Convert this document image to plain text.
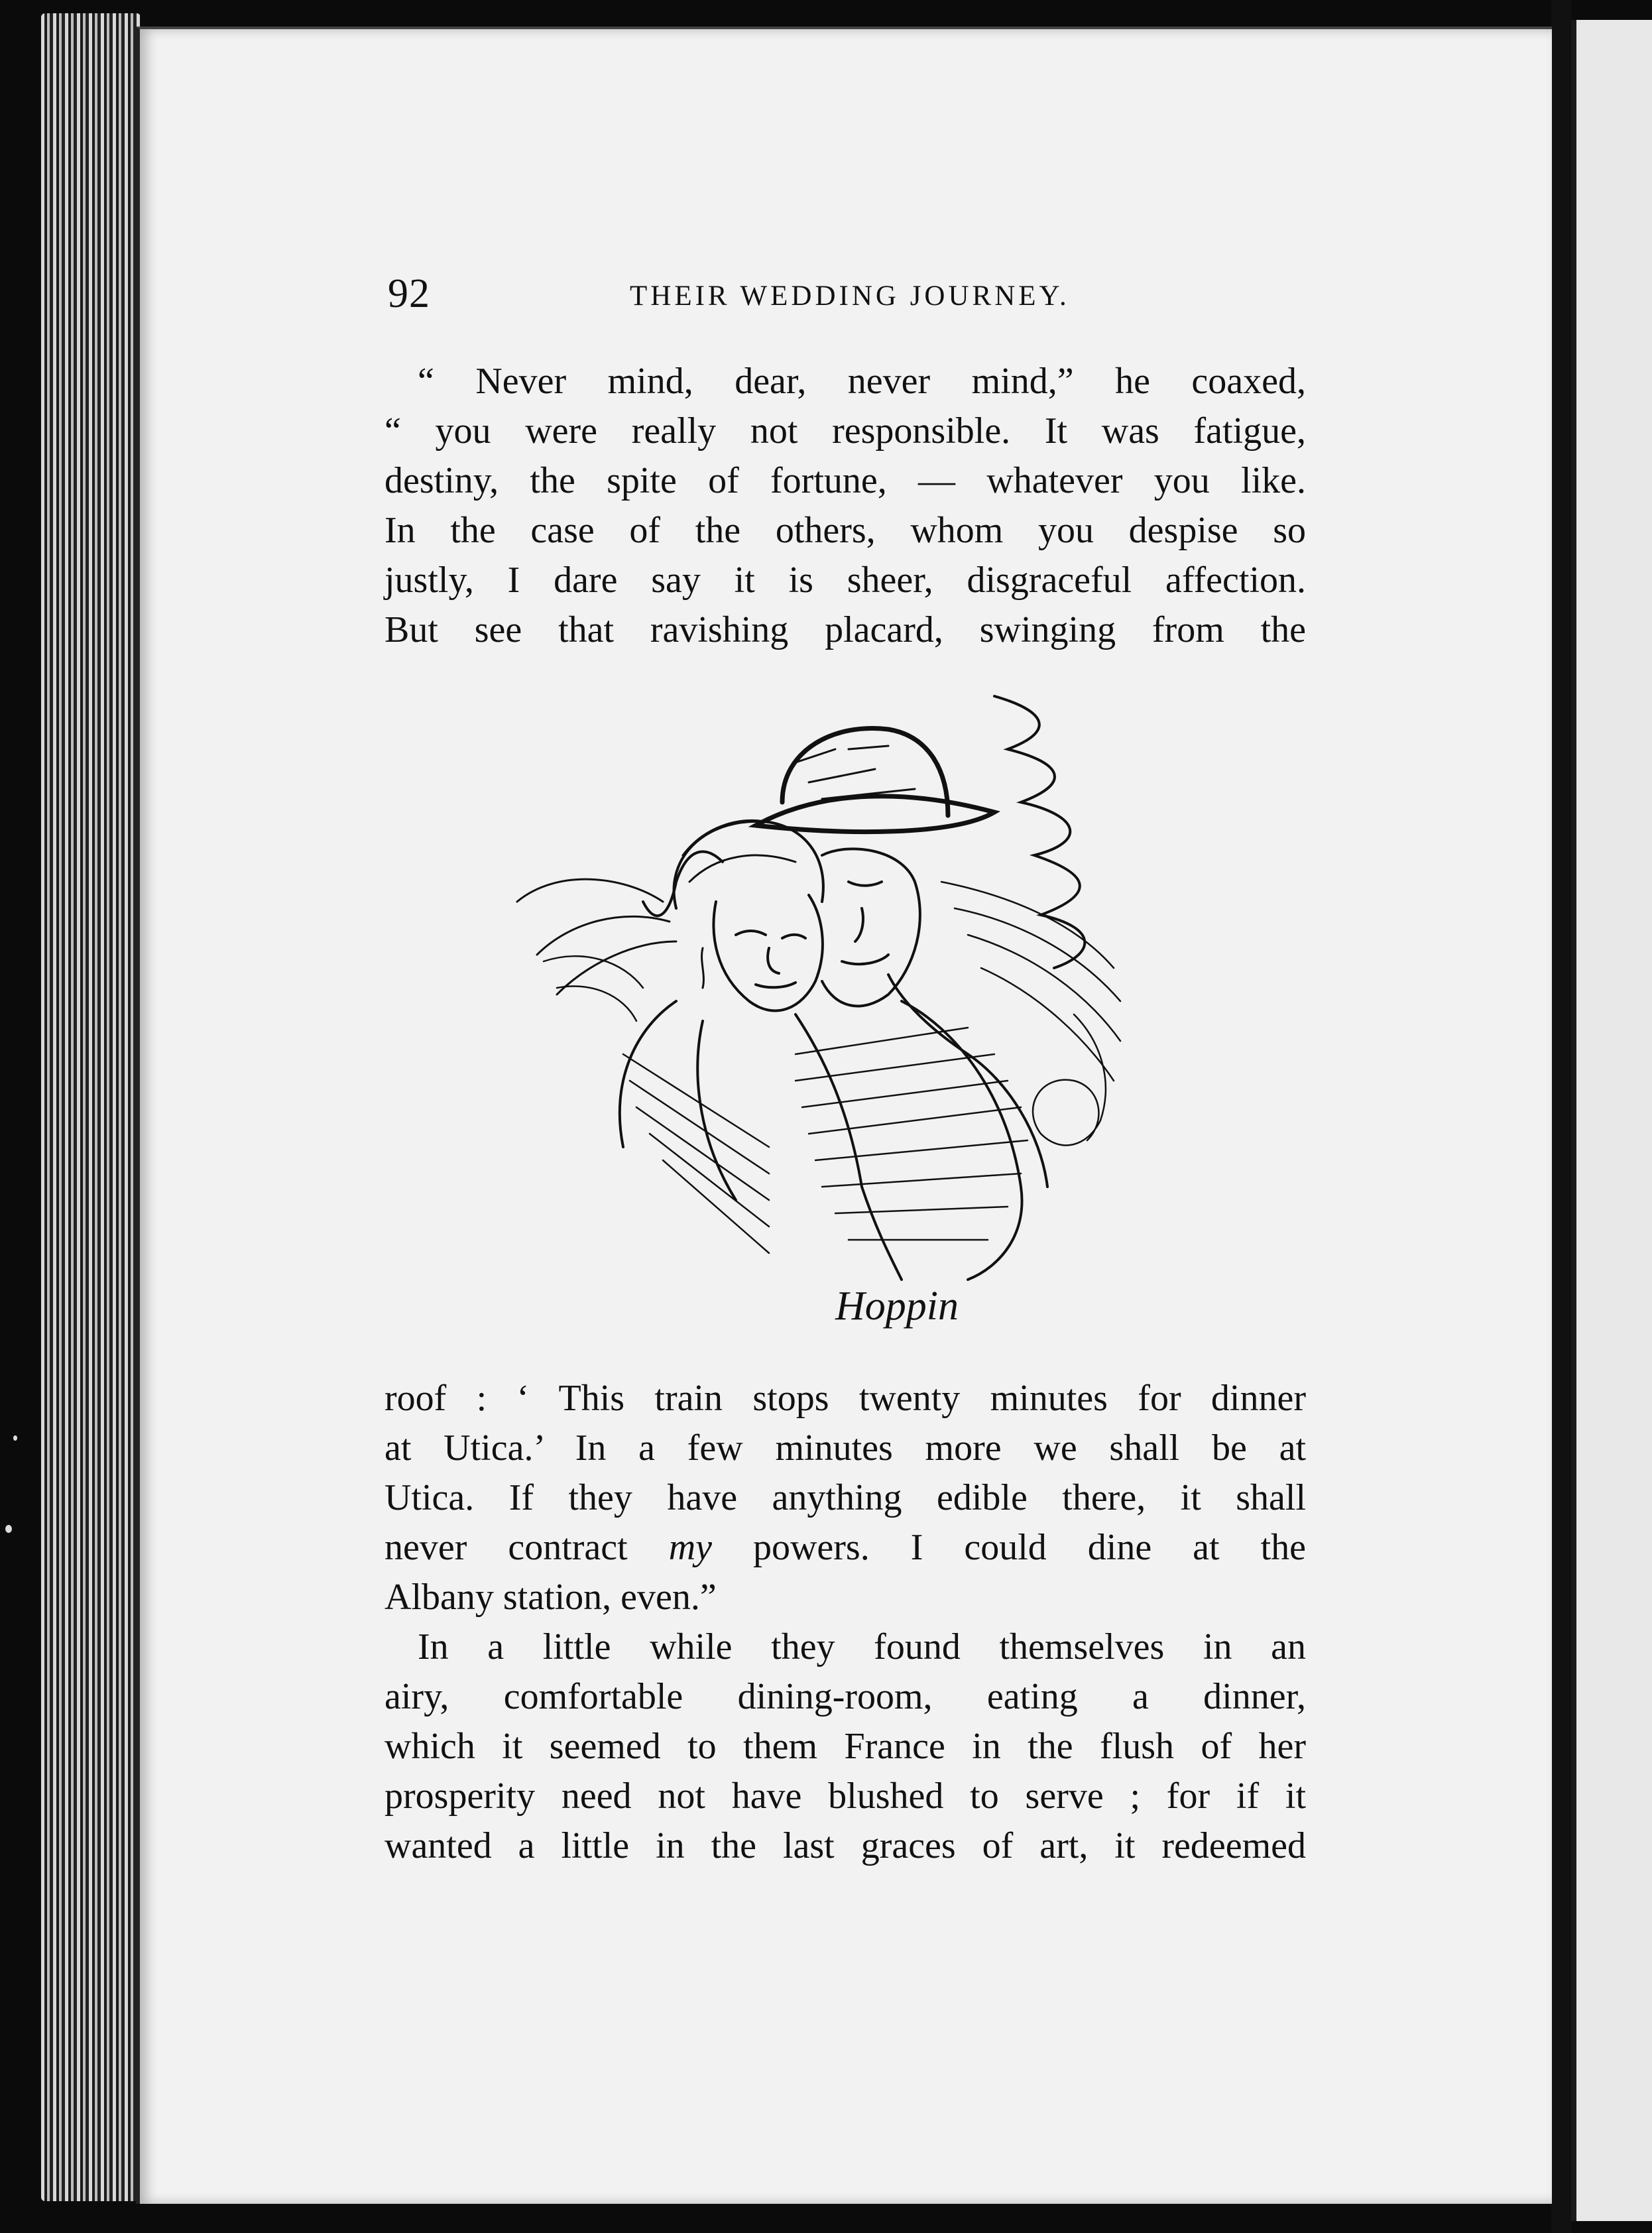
92	THEIR WEDDING JOURNEY.
“ Never mind, dear, never mind,” he coaxed,
“ you were really not responsible. It was fatigue,
destiny, the spite of fortune, — whatever you like.
In the case of the others, whom you despise so
justly, I dare say it is sheer, disgraceful affection.
But see that ravishing placard, swinging from the
Hoppin
roof : ‘ This train stops twenty minutes for dinner
at Utica.’ In a few minutes more we shall be at
Utica. If they have anything edible there, it shall
never contract my powers. I could dine at the
Albany station, even.”
In a little while they found themselves in an
airy, comfortable dining-room, eating a dinner,
which it seemed to them France in the flush of her
prosperity need not have blushed to serve ; for if it
wanted a little in the last graces of art, it redeemed
